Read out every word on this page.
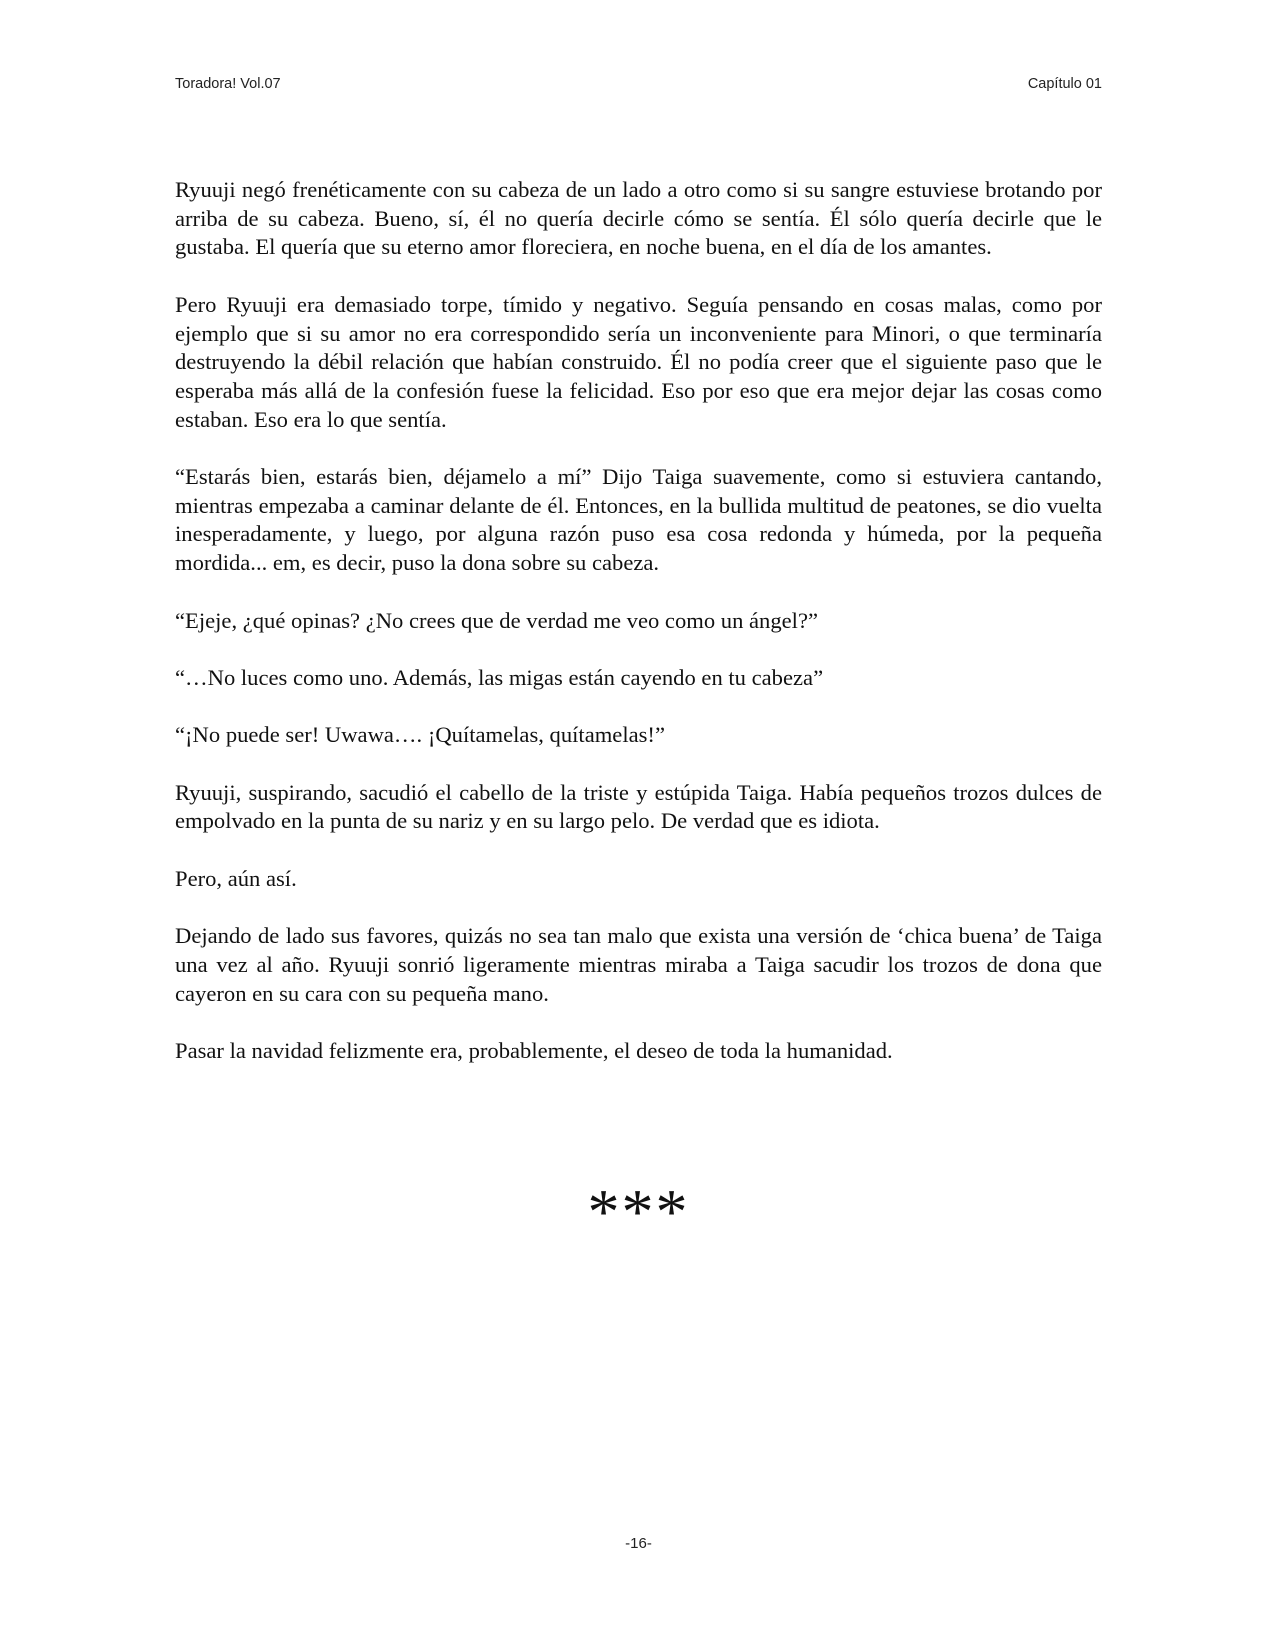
Toradora! Vol.07	Capítulo 01

Ryuuji negó frenéticamente con su cabeza de un lado a otro como si su sangre estuviese brotando por arriba de su cabeza. Bueno, sí, él no quería decirle cómo se sentía. Él sólo quería decirle que le gustaba. El quería que su eterno amor floreciera, en noche buena, en el día de los amantes.

Pero Ryuuji era demasiado torpe, tímido y negativo. Seguía pensando en cosas malas, como por ejemplo que si su amor no era correspondido sería un inconveniente para Minori, o que terminaría destruyendo la débil relación que habían construido. Él no podía creer que el siguiente paso que le esperaba más allá de la confesión fuese la felicidad. Eso por eso que era mejor dejar las cosas como estaban. Eso era lo que sentía.

“Estarás bien, estarás bien, déjamelo a mí” Dijo Taiga suavemente, como si estuviera cantando, mientras empezaba a caminar delante de él. Entonces, en la bullida multitud de peatones, se dio vuelta inesperadamente, y luego, por alguna razón puso esa cosa redonda y húmeda, por la pequeña mordida... em, es decir, puso la dona sobre su cabeza.

“Ejeje, ¿qué opinas? ¿No crees que de verdad me veo como un ángel?”

“…No luces como uno. Además, las migas están cayendo en tu cabeza”

“¡No puede ser! Uwawa…. ¡Quítamelas, quítamelas!”

Ryuuji, suspirando, sacudió el cabello de la triste y estúpida Taiga. Había pequeños trozos dulces de empolvado en la punta de su nariz y en su largo pelo. De verdad que es idiota.

Pero, aún así.

Dejando de lado sus favores, quizás no sea tan malo que exista una versión de ‘chica buena’ de Taiga una vez al año. Ryuuji sonrió ligeramente mientras miraba a Taiga sacudir los trozos de dona que cayeron en su cara con su pequeña mano.

Pasar la navidad felizmente era, probablemente, el deseo de toda la humanidad.

***
-16-
